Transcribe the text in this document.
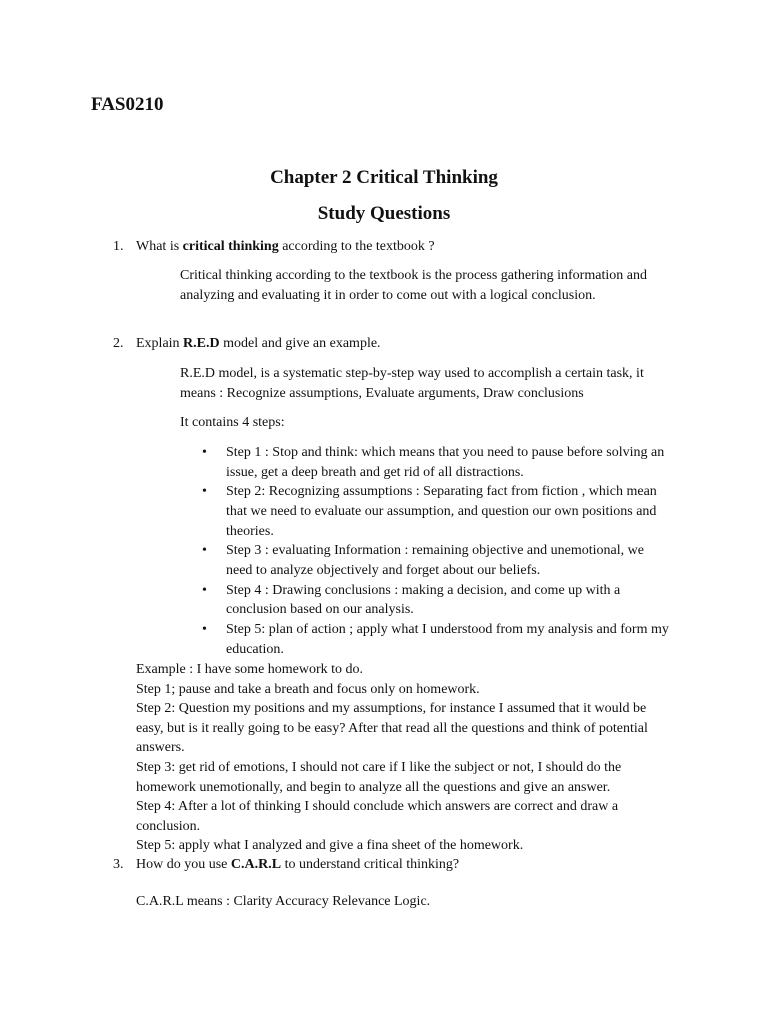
FAS0210
Chapter 2 Critical Thinking
Study Questions
1. What is critical thinking according to the textbook ?

Critical thinking according to the textbook is the process gathering information and analyzing and evaluating it in order to come out with a logical conclusion.

2. Explain R.E.D model and give an example.

R.E.D model, is a systematic step-by-step way used to accomplish a certain task, it means : Recognize assumptions, Evaluate arguments, Draw conclusions

It contains 4 steps:

• Step 1 : Stop and think: which means that you need to pause before solving an issue, get a deep breath and get rid of all distractions.
• Step 2: Recognizing assumptions : Separating fact from fiction , which mean that we need to evaluate our assumption, and question our own positions and theories.
• Step 3 : evaluating Information : remaining objective and unemotional, we need to analyze objectively and forget about our beliefs.
• Step 4 : Drawing conclusions : making a decision, and come up with a conclusion based on our analysis.
• Step 5: plan of action ; apply what I understood from my analysis and form my education.
Example : I have some homework to do.
Step 1; pause and take a breath and focus only on homework.
Step 2: Question my positions and my assumptions, for instance I assumed that it would be easy, but is it really going to be easy? After that read all the questions and think of potential answers.
Step 3: get rid of emotions, I should not care if I like the subject or not, I should do the homework unemotionally, and begin to analyze all the questions and give an answer.
Step 4: After a lot of thinking I should conclude which answers are correct and draw a conclusion.
Step 5: apply what I analyzed and give a fina sheet of the homework.
3. How do you use C.A.R.L to understand critical thinking?

C.A.R.L means : Clarity Accuracy Relevance Logic.
